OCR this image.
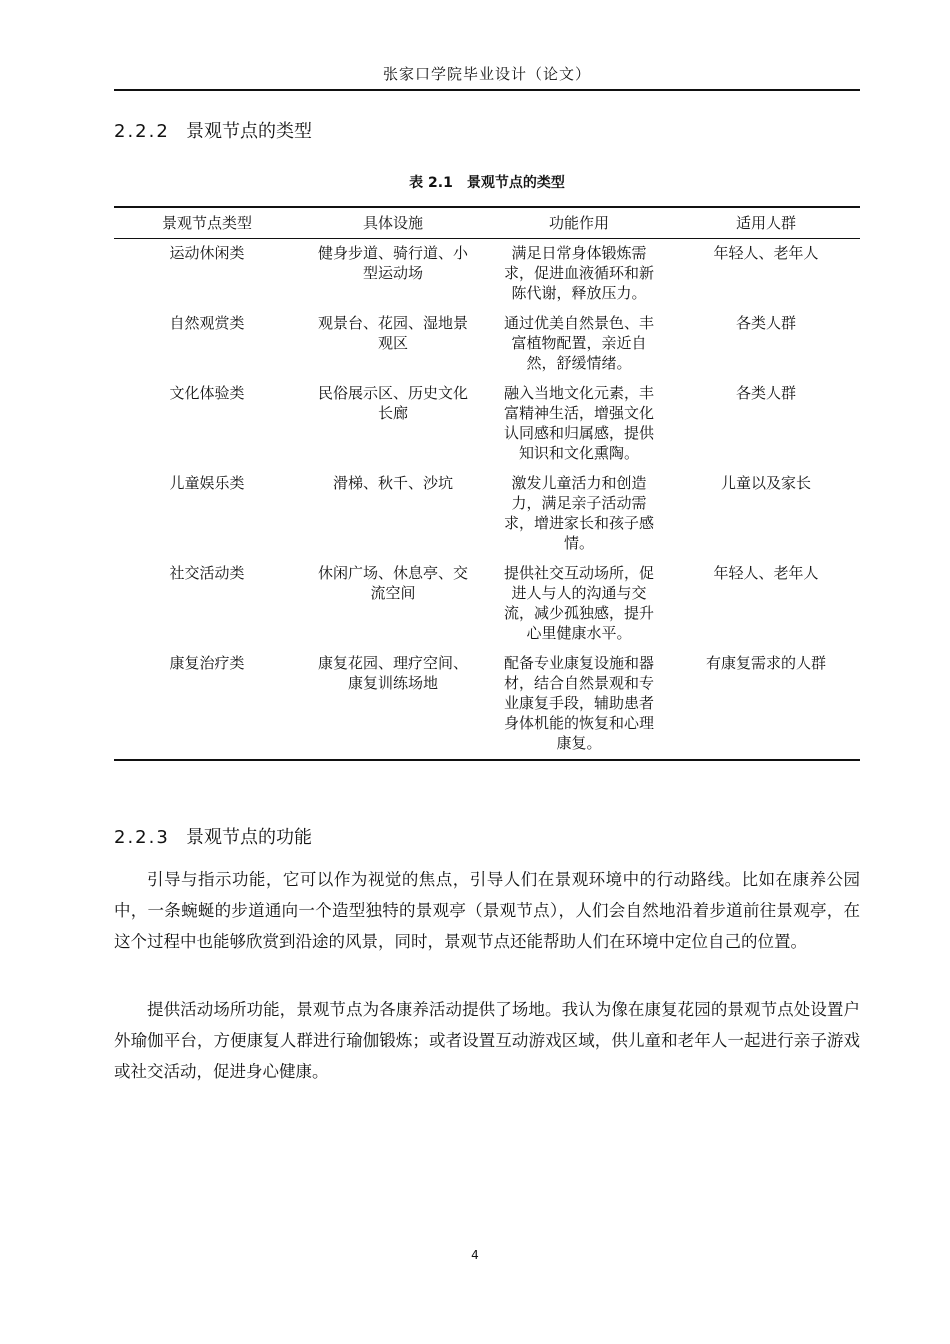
张家口学院毕业设计（论文）
2.2.2 景观节点的类型
表 2.1 景观节点的类型
景观节点类型	具体设施	功能作用	适用人群
运动休闲类	健身步道、骑行道、小型运动场	满足日常身体锻炼需求，促进血液循环和新陈代谢，释放压力。	年轻人、老年人
自然观赏类	观景台、花园、湿地景观区	通过优美自然景色、丰富植物配置，亲近自然，舒缓情绪。	各类人群
文化体验类	民俗展示区、历史文化长廊	融入当地文化元素，丰富精神生活，增强文化认同感和归属感，提供知识和文化熏陶。	各类人群
儿童娱乐类	滑梯、秋千、沙坑	激发儿童活力和创造力，满足亲子活动需求，增进家长和孩子感情。	儿童以及家长
社交活动类	休闲广场、休息亭、交流空间	提供社交互动场所，促进人与人的沟通与交流，减少孤独感，提升心里健康水平。	年轻人、老年人
康复治疗类	康复花园、理疗空间、康复训练场地	配备专业康复设施和器材，结合自然景观和专业康复手段，辅助患者身体机能的恢复和心理康复。	有康复需求的人群
2.2.3 景观节点的功能
引导与指示功能，它可以作为视觉的焦点，引导人们在景观环境中的行动路线。比如在康养公园中，一条蜿蜒的步道通向一个造型独特的景观亭（景观节点），人们会自然地沿着步道前往景观亭，在这个过程中也能够欣赏到沿途的风景，同时，景观节点还能帮助人们在环境中定位自己的位置。
提供活动场所功能，景观节点为各康养活动提供了场地。我认为像在康复花园的景观节点处设置户外瑜伽平台，方便康复人群进行瑜伽锻炼；或者设置互动游戏区域，供儿童和老年人一起进行亲子游戏或社交活动，促进身心健康。
4
